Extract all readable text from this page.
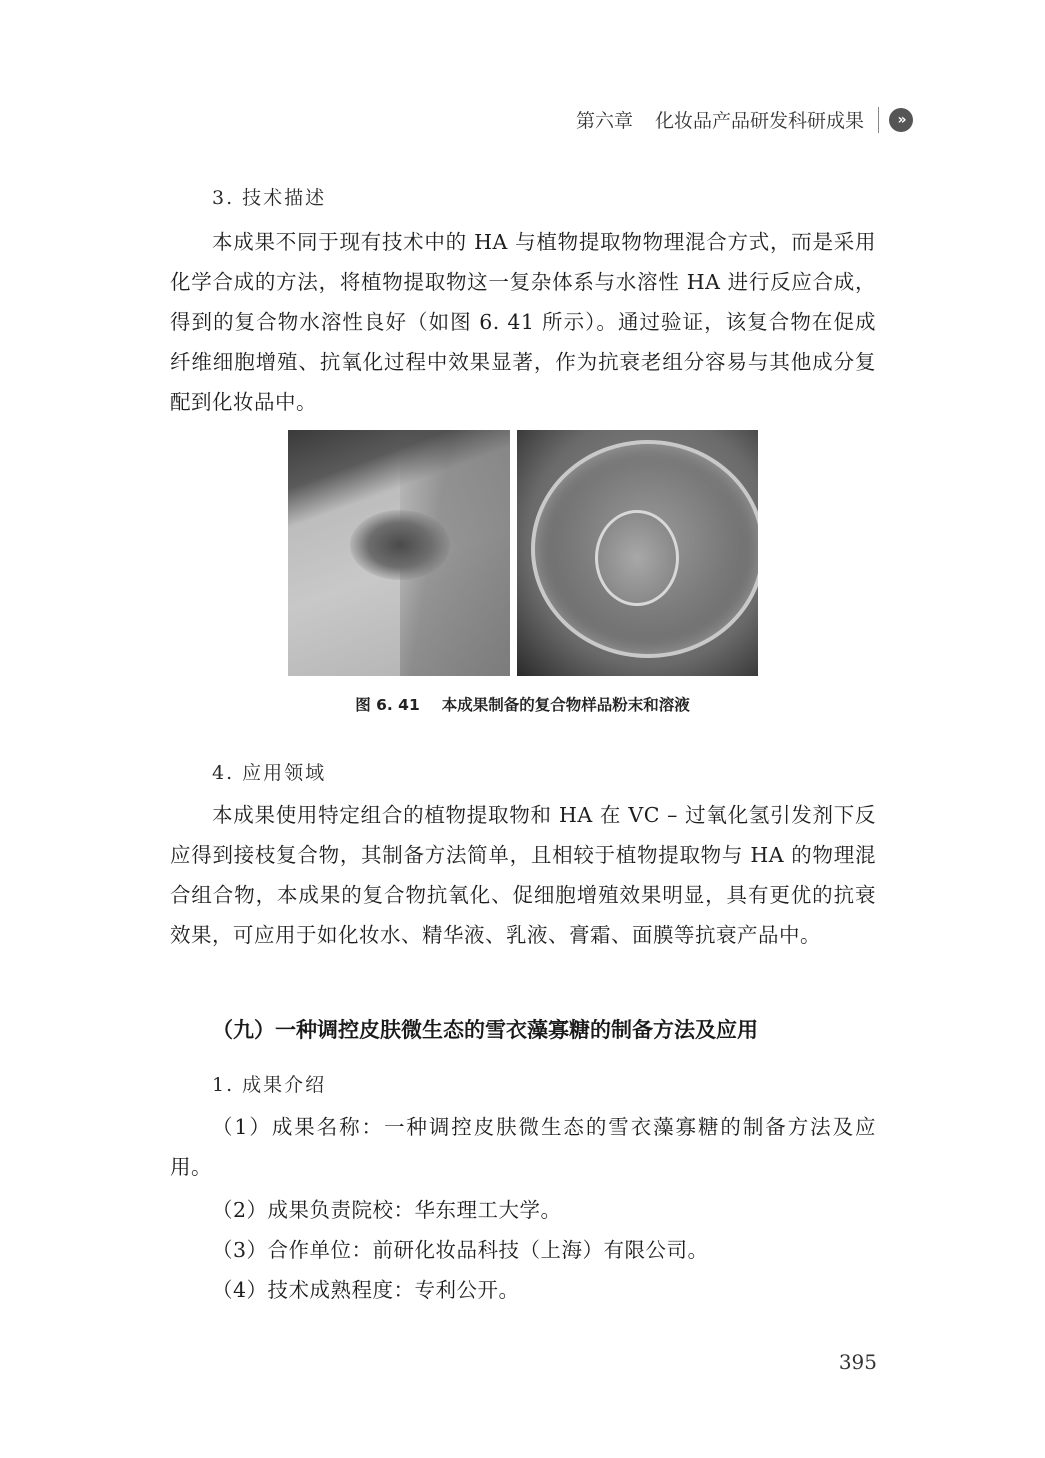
第六章 化妆品产品研发科研成果	»
3. 技术描述
本成果不同于现有技术中的 HA 与植物提取物物理混合方式，而是采用化学合成的方法，将植物提取物这一复杂体系与水溶性 HA 进行反应合成，得到的复合物水溶性良好（如图 6. 41 所示）。通过验证，该复合物在促成纤维细胞增殖、抗氧化过程中效果显著，作为抗衰老组分容易与其他成分复配到化妆品中。
4. 应用领域
本成果使用特定组合的植物提取物和 HA 在 VC – 过氧化氢引发剂下反应得到接枝复合物，其制备方法简单，且相较于植物提取物与 HA 的物理混合组合物，本成果的复合物抗氧化、促细胞增殖效果明显，具有更优的抗衰效果，可应用于如化妆水、精华液、乳液、膏霜、面膜等抗衰产品中。
（九）一种调控皮肤微生态的雪衣藻寡糖的制备方法及应用
1. 成果介绍
（1）成果名称：一种调控皮肤微生态的雪衣藻寡糖的制备方法及应用。
（2）成果负责院校：华东理工大学。
（3）合作单位：前研化妆品科技（上海）有限公司。
（4）技术成熟程度：专利公开。
图 6. 41 本成果制备的复合物样品粉末和溶液
395
